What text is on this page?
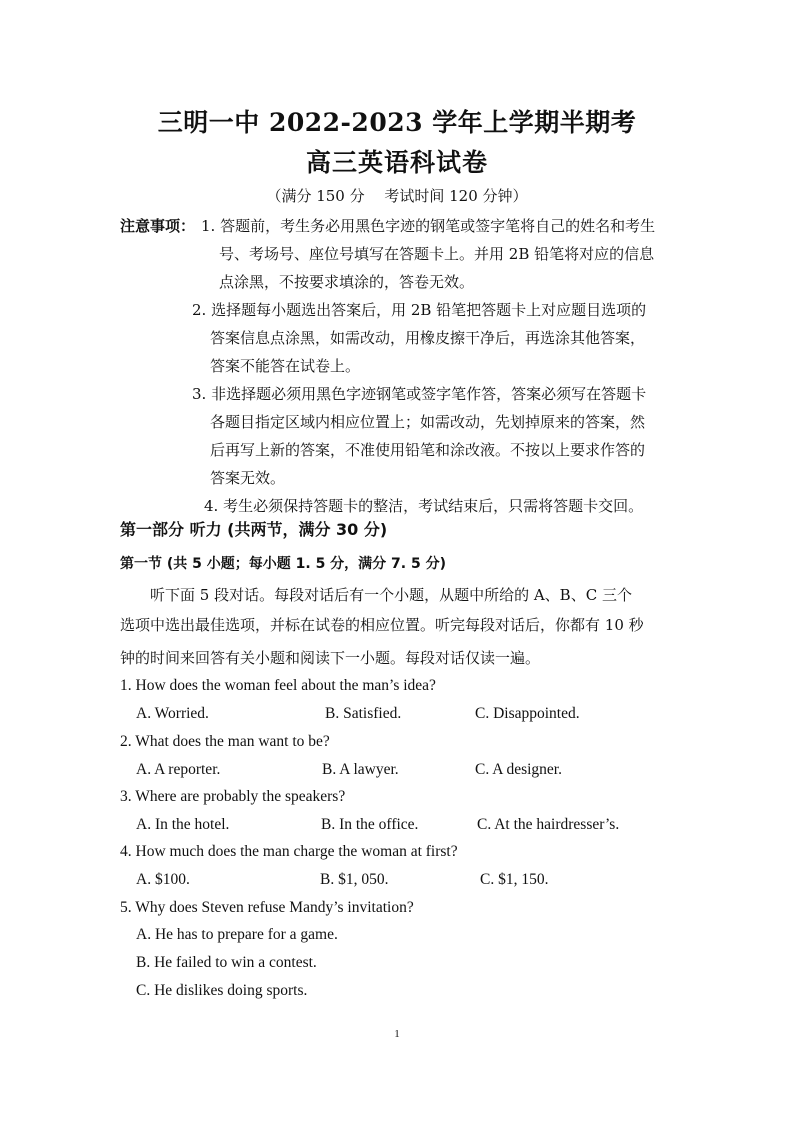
三明一中 2022-2023 学年上学期半期考
高三英语科试卷
（满分 150 分　 考试时间 120 分钟）
注意事项： 1. 答题前，考生务必用黑色字迹的钢笔或签字笔将自己的姓名和考生
号、考场号、座位号填写在答题卡上。并用 2B 铅笔将对应的信息
点涂黑，不按要求填涂的，答卷无效。
2. 选择题每小题选出答案后，用 2B 铅笔把答题卡上对应题目选项的
答案信息点涂黑，如需改动，用橡皮擦干净后，再选涂其他答案，
答案不能答在试卷上。
3. 非选择题必须用黑色字迹钢笔或签字笔作答，答案必须写在答题卡
各题目指定区域内相应位置上；如需改动，先划掉原来的答案，然
后再写上新的答案，不准使用铅笔和涂改液。不按以上要求作答的
答案无效。
4. 考生必须保持答题卡的整洁，考试结束后，只需将答题卡交回。
第一部分 听力 (共两节，满分 30 分)
第一节 (共 5 小题；每小题 1. 5 分，满分 7. 5 分)
听下面 5 段对话。每段对话后有一个小题，从题中所给的 A、B、C 三个
选项中选出最佳选项，并标在试卷的相应位置。听完每段对话后，你都有 10 秒
钟的时间来回答有关小题和阅读下一小题。每段对话仅读一遍。
1. How does the woman feel about the man’s idea?
A. Worried.	B. Satisfied.	C. Disappointed.
2. What does the man want to be?
A. A reporter.	B. A lawyer.	C. A designer.
3. Where are probably the speakers?
A. In the hotel.	B. In the office.	C. At the hairdresser’s.
4. How much does the man charge the woman at first?
A. $100.	B. $1, 050.	C. $1, 150.
5. Why does Steven refuse Mandy’s invitation?
A. He has to prepare for a game.
B. He failed to win a contest.
C. He dislikes doing sports.
1
